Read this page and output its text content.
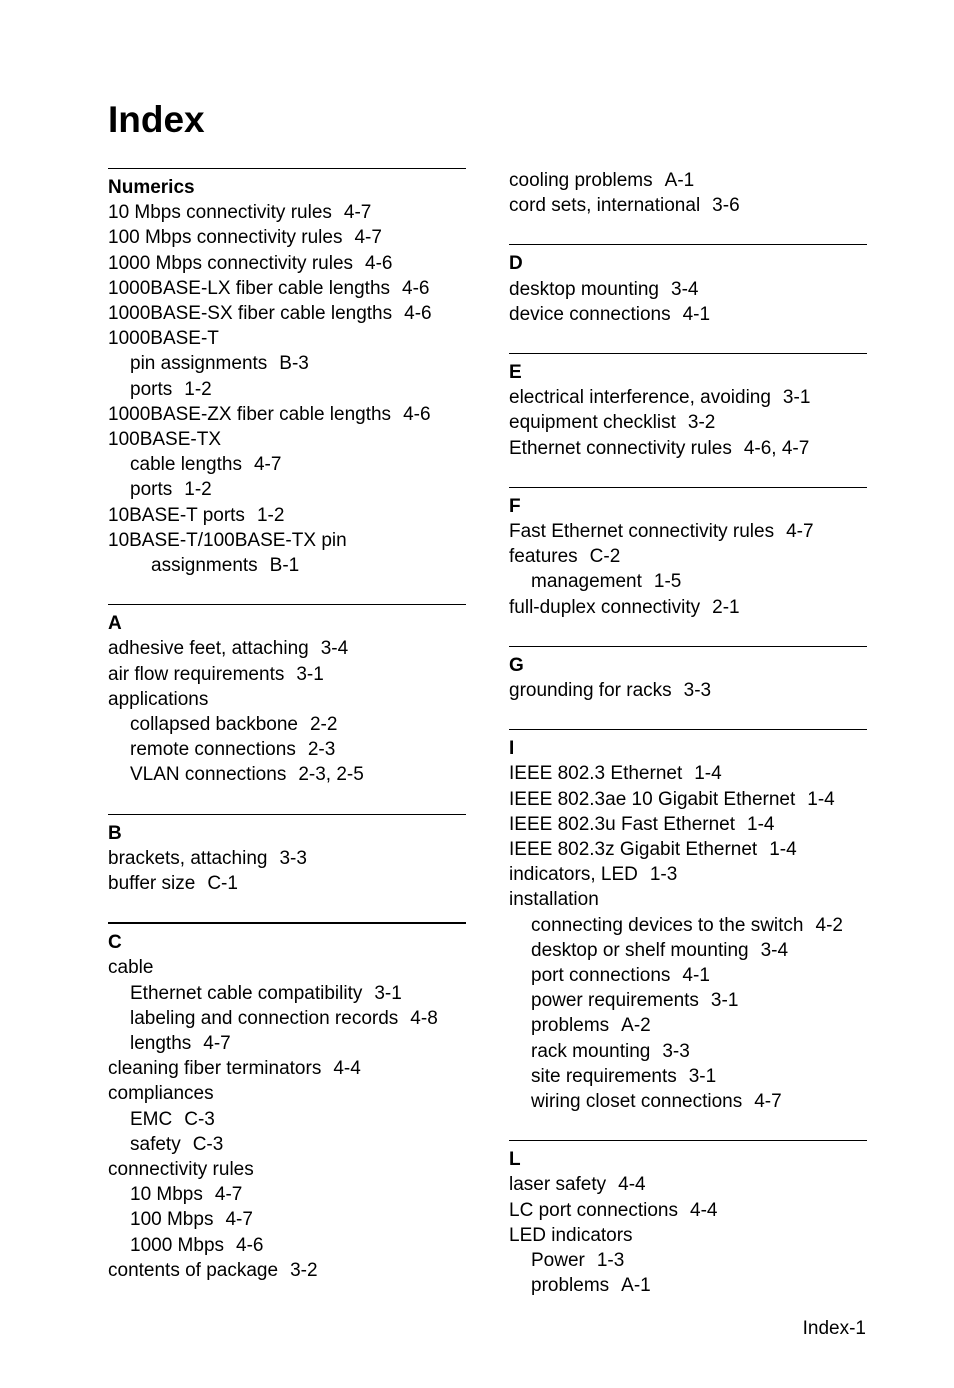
Index
Numerics
10 Mbps connectivity rules 4-7
100 Mbps connectivity rules 4-7
1000 Mbps connectivity rules 4-6
1000BASE-LX fiber cable lengths 4-6
1000BASE-SX fiber cable lengths 4-6
1000BASE-T
pin assignments B-3
ports 1-2
1000BASE-ZX fiber cable lengths 4-6
100BASE-TX
cable lengths 4-7
ports 1-2
10BASE-T ports 1-2
10BASE-T/100BASE-TX pin
assignments B-1
A
adhesive feet, attaching 3-4
air flow requirements 3-1
applications
collapsed backbone 2-2
remote connections 2-3
VLAN connections 2-3, 2-5
B
brackets, attaching 3-3
buffer size C-1
C
cable
Ethernet cable compatibility 3-1
labeling and connection records 4-8
lengths 4-7
cleaning fiber terminators 4-4
compliances
EMC C-3
safety C-3
connectivity rules
10 Mbps 4-7
100 Mbps 4-7
1000 Mbps 4-6
contents of package 3-2
cooling problems A-1
cord sets, international 3-6
D
desktop mounting 3-4
device connections 4-1
E
electrical interference, avoiding 3-1
equipment checklist 3-2
Ethernet connectivity rules 4-6, 4-7
F
Fast Ethernet connectivity rules 4-7
features C-2
management 1-5
full-duplex connectivity 2-1
G
grounding for racks 3-3
I
IEEE 802.3 Ethernet 1-4
IEEE 802.3ae 10 Gigabit Ethernet 1-4
IEEE 802.3u Fast Ethernet 1-4
IEEE 802.3z Gigabit Ethernet 1-4
indicators, LED 1-3
installation
connecting devices to the switch 4-2
desktop or shelf mounting 3-4
port connections 4-1
power requirements 3-1
problems A-2
rack mounting 3-3
site requirements 3-1
wiring closet connections 4-7
L
laser safety 4-4
LC port connections 4-4
LED indicators
Power 1-3
problems A-1
Index-1
